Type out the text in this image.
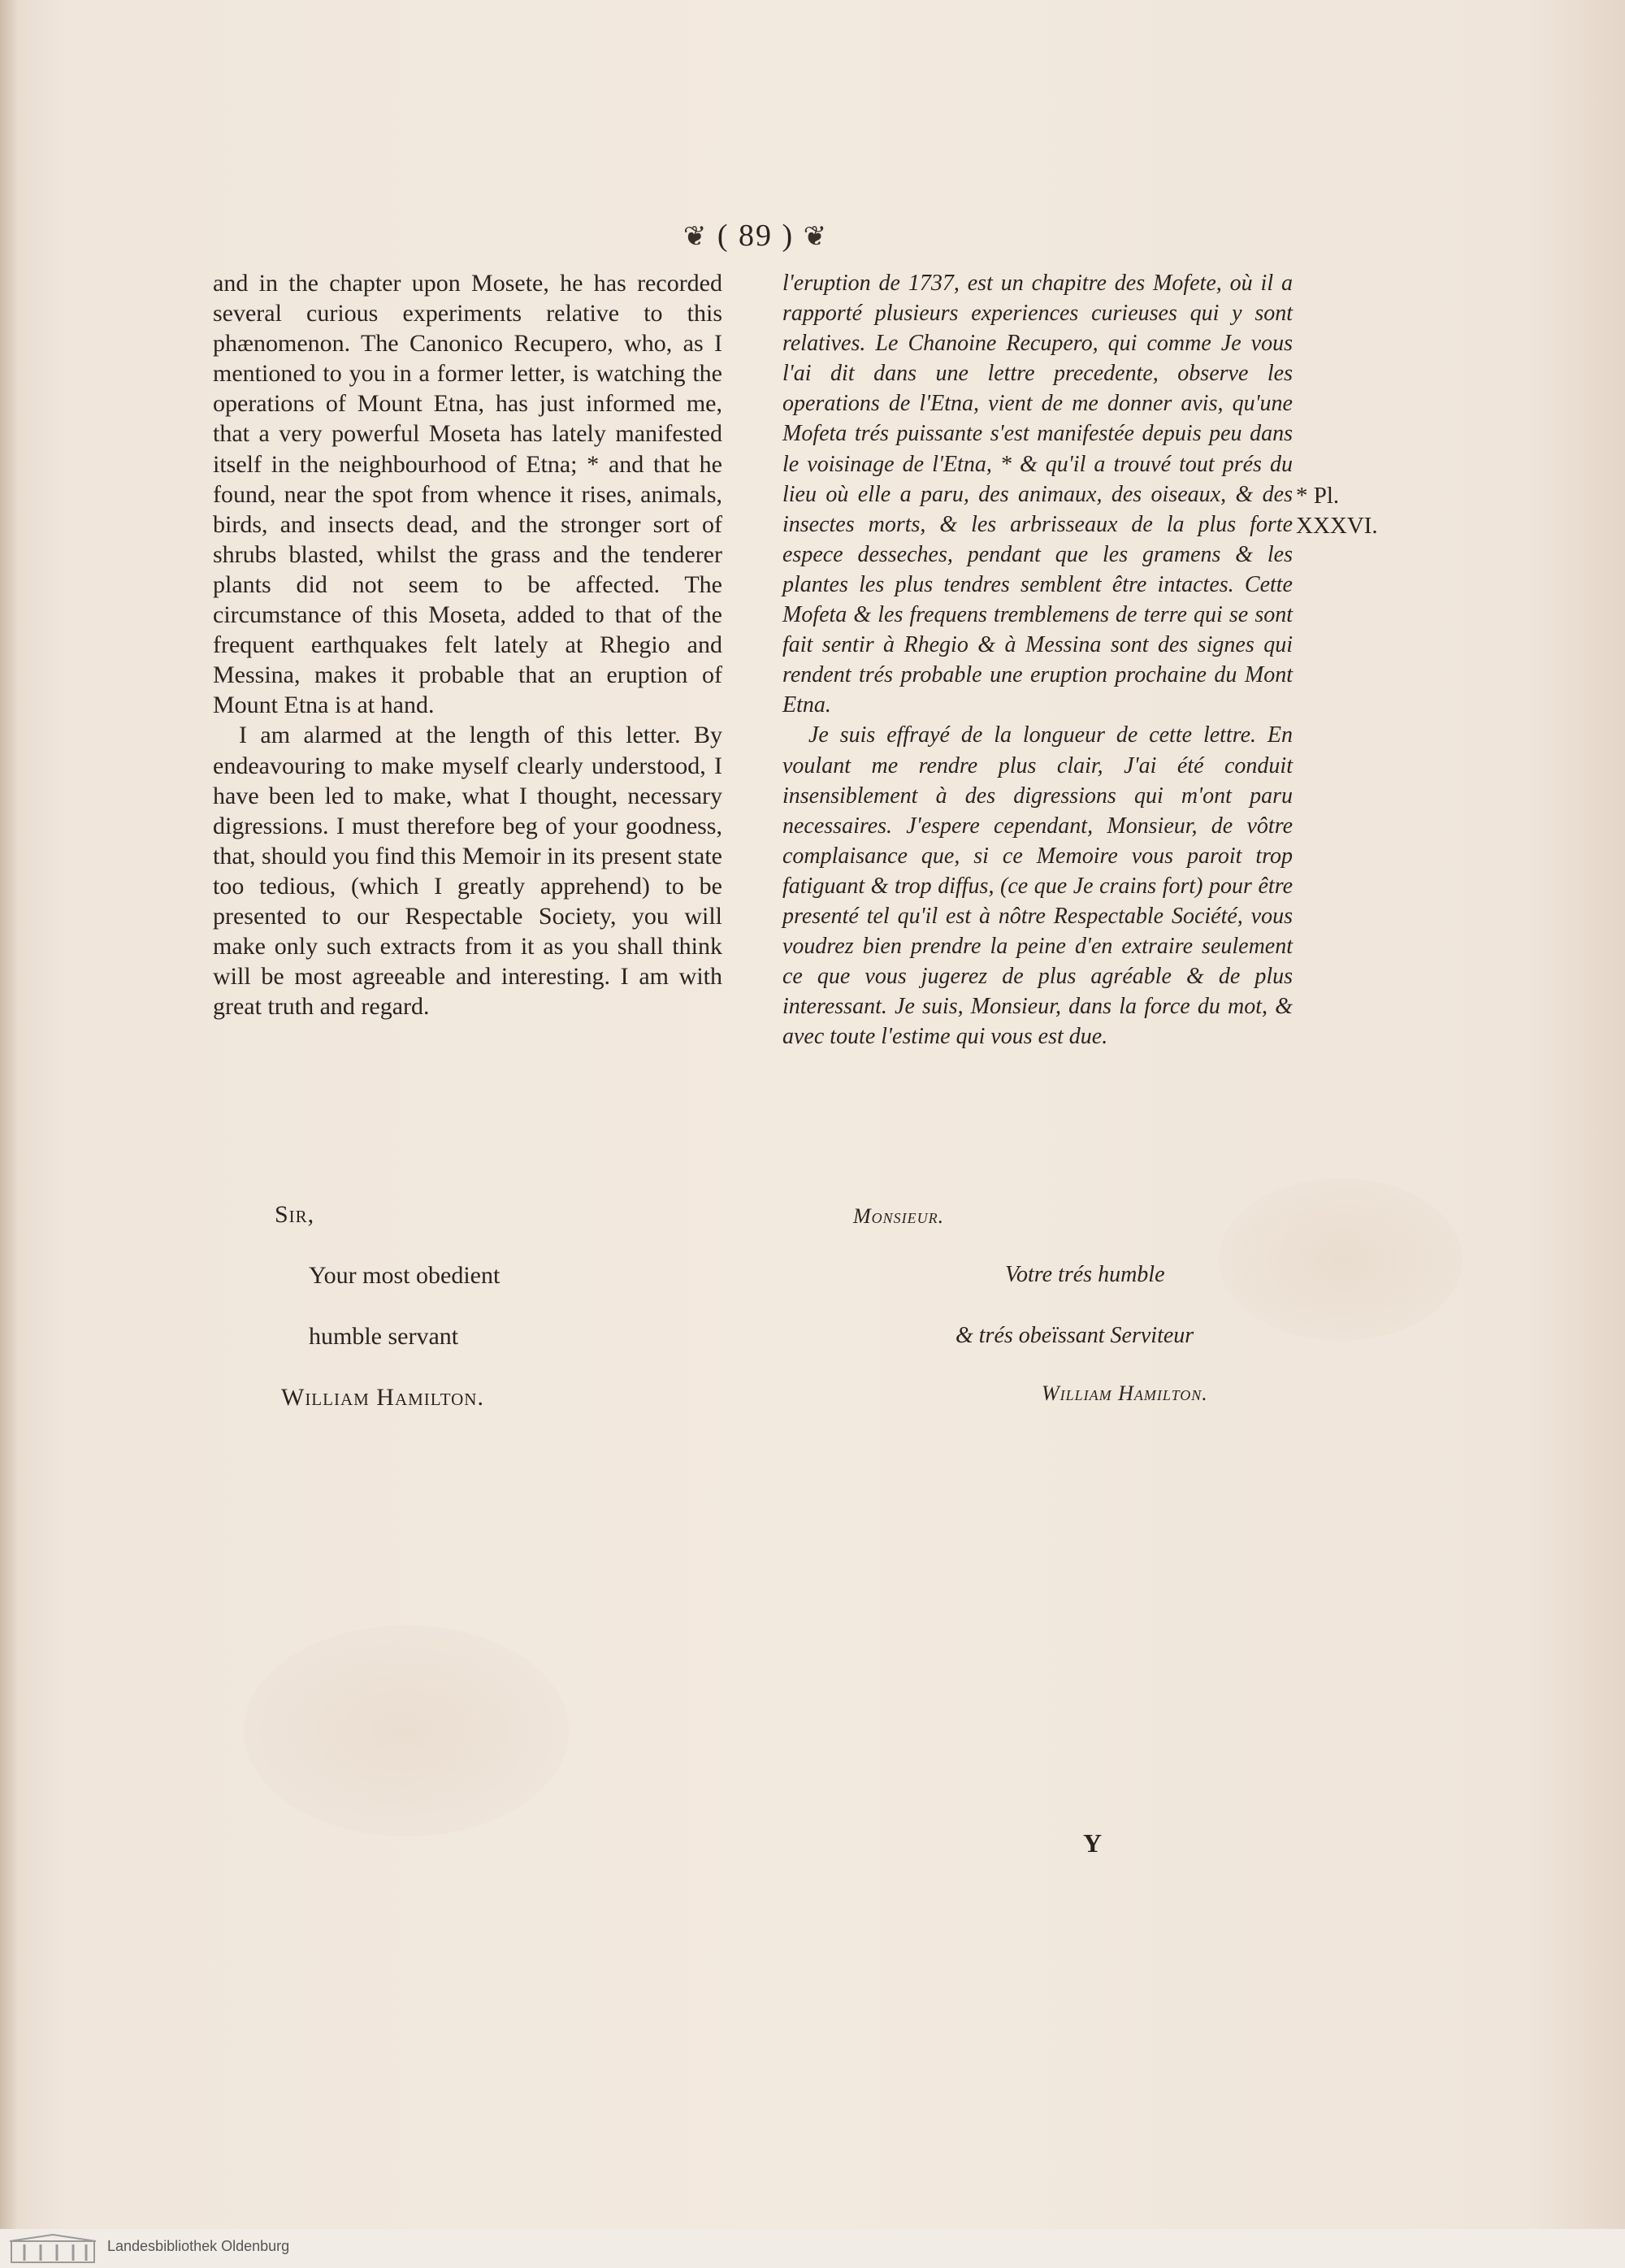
❦ ( 89 ) ❦

and in the chapter upon Mosete, he has recorded several curious experiments relative to this phænomenon. The Canonico Recupero, who, as I mentioned to you in a former letter, is watching the operations of Mount Etna, has just informed me, that a very powerful Moseta has lately manifested itself in the neighbourhood of Etna; * and that he found, near the spot from whence it rises, animals, birds, and insects dead, and the stronger sort of shrubs blasted, whilst the grass and the tenderer plants did not seem to be affected. The circumstance of this Moseta, added to that of the frequent earthquakes felt lately at Rhegio and Messina, makes it probable that an eruption of Mount Etna is at hand.

I am alarmed at the length of this letter. By endeavouring to make myself clearly understood, I have been led to make, what I thought, necessary digressions. I must therefore beg of your goodness, that, should you find this Memoir in its present state too tedious, (which I greatly apprehend) to be presented to our Respectable Society, you will make only such extracts from it as you shall think will be most agreeable and interesting. I am with great truth and regard.

l'eruption de 1737, est un chapitre des Mofete, où il a rapporté plusieurs experiences curieuses qui y sont relatives. Le Chanoine Recupero, qui comme Je vous l'ai dit dans une lettre precedente, observe les operations de l'Etna, vient de me donner avis, qu'une Mofeta trés puissante s'est manifestée depuis peu dans le voisinage de l'Etna, * & qu'il a trouvé tout prés du lieu où elle a paru, des animaux, des oiseaux, & des insectes morts, & les arbrisseaux de la plus forte espece desseches, pendant que les gramens & les plantes les plus tendres semblent être intactes. Cette Mofeta & les frequens tremblemens de terre qui se sont fait sentir à Rhegio & à Messina sont des signes qui rendent trés probable une eruption prochaine du Mont Etna.

Je suis effrayé de la longueur de cette lettre. En voulant me rendre plus clair, J'ai été conduit insensiblement à des digressions qui m'ont paru necessaires. J'espere cependant, Monsieur, de vôtre complaisance que, si ce Memoire vous paroit trop fatiguant & trop diffus, (ce que Je crains fort) pour être presenté tel qu'il est à nôtre Respectable Société, vous voudrez bien prendre la peine d'en extraire seulement ce que vous jugerez de plus agréable & de plus interessant. Je suis, Monsieur, dans la force du mot, & avec toute l'estime qui vous est due.

* Pl.
XXXVI.
Sir,
Your most obedient
humble servant
William Hamilton.
Monsieur.
Votre trés humble
& trés obeïssant Serviteur
William Hamilton.
Y
Landesbibliothek Oldenburg
